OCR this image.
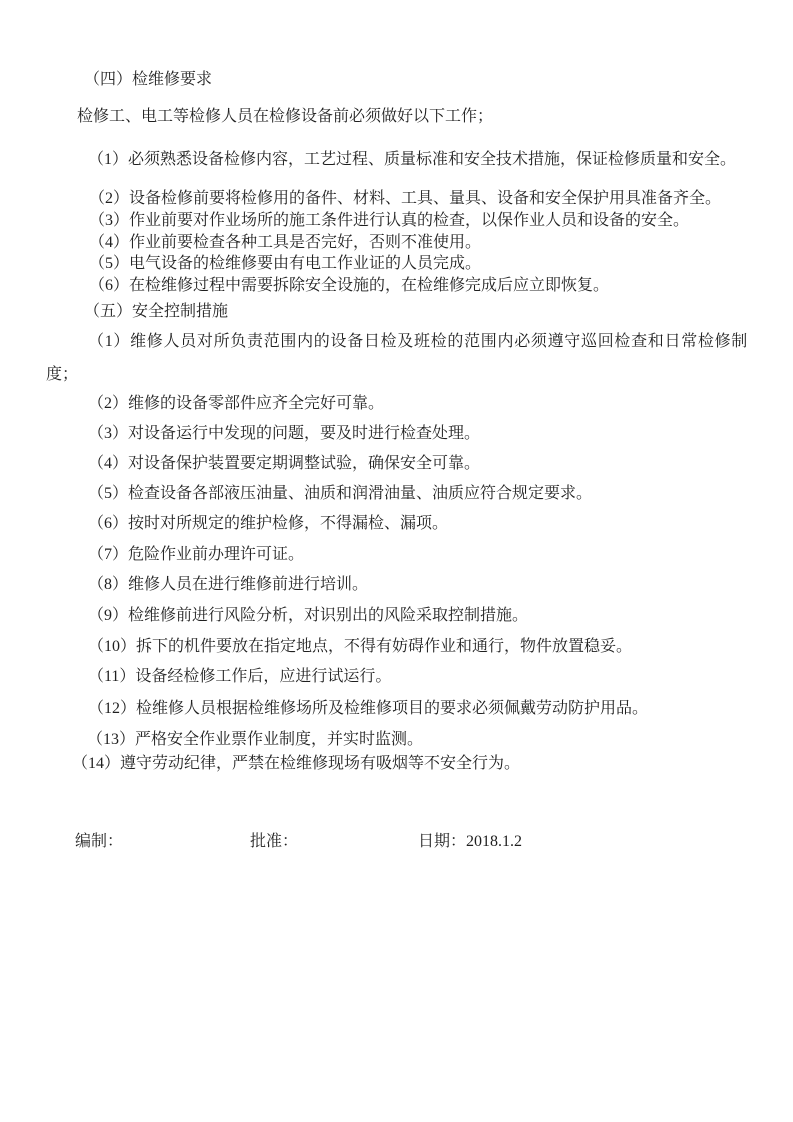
（四）检维修要求
检修工、电工等检修人员在检修设备前必须做好以下工作；
（1）必须熟悉设备检修内容，工艺过程、质量标准和安全技术措施，保证检修质量和安全。
（2）设备检修前要将检修用的备件、材料、工具、量具、设备和安全保护用具准备齐全。
（3）作业前要对作业场所的施工条件进行认真的检查，以保作业人员和设备的安全。
（4）作业前要检查各种工具是否完好，否则不准使用。
（5）电气设备的检维修要由有电工作业证的人员完成。
（6）在检维修过程中需要拆除安全设施的，在检维修完成后应立即恢复。
（五）安全控制措施
（1）维修人员对所负责范围内的设备日检及班检的范围内必须遵守巡回检查和日常检修制
度；
（2）维修的设备零部件应齐全完好可靠。
（3）对设备运行中发现的问题，要及时进行检查处理。
（4）对设备保护装置要定期调整试验，确保安全可靠。
（5）检查设备各部液压油量、油质和润滑油量、油质应符合规定要求。
（6）按时对所规定的维护检修，不得漏检、漏项。
（7）危险作业前办理许可证。
（8）维修人员在进行维修前进行培训。
（9）检维修前进行风险分析，对识别出的风险采取控制措施。
（10）拆下的机件要放在指定地点，不得有妨碍作业和通行，物件放置稳妥。
（11）设备经检修工作后，应进行试运行。
（12）检维修人员根据检维修场所及检维修项目的要求必须佩戴劳动防护用品。
（13）严格安全作业票作业制度，并实时监测。
（14）遵守劳动纪律，严禁在检维修现场有吸烟等不安全行为。
编制：	批准：	日期：2018.1.2
